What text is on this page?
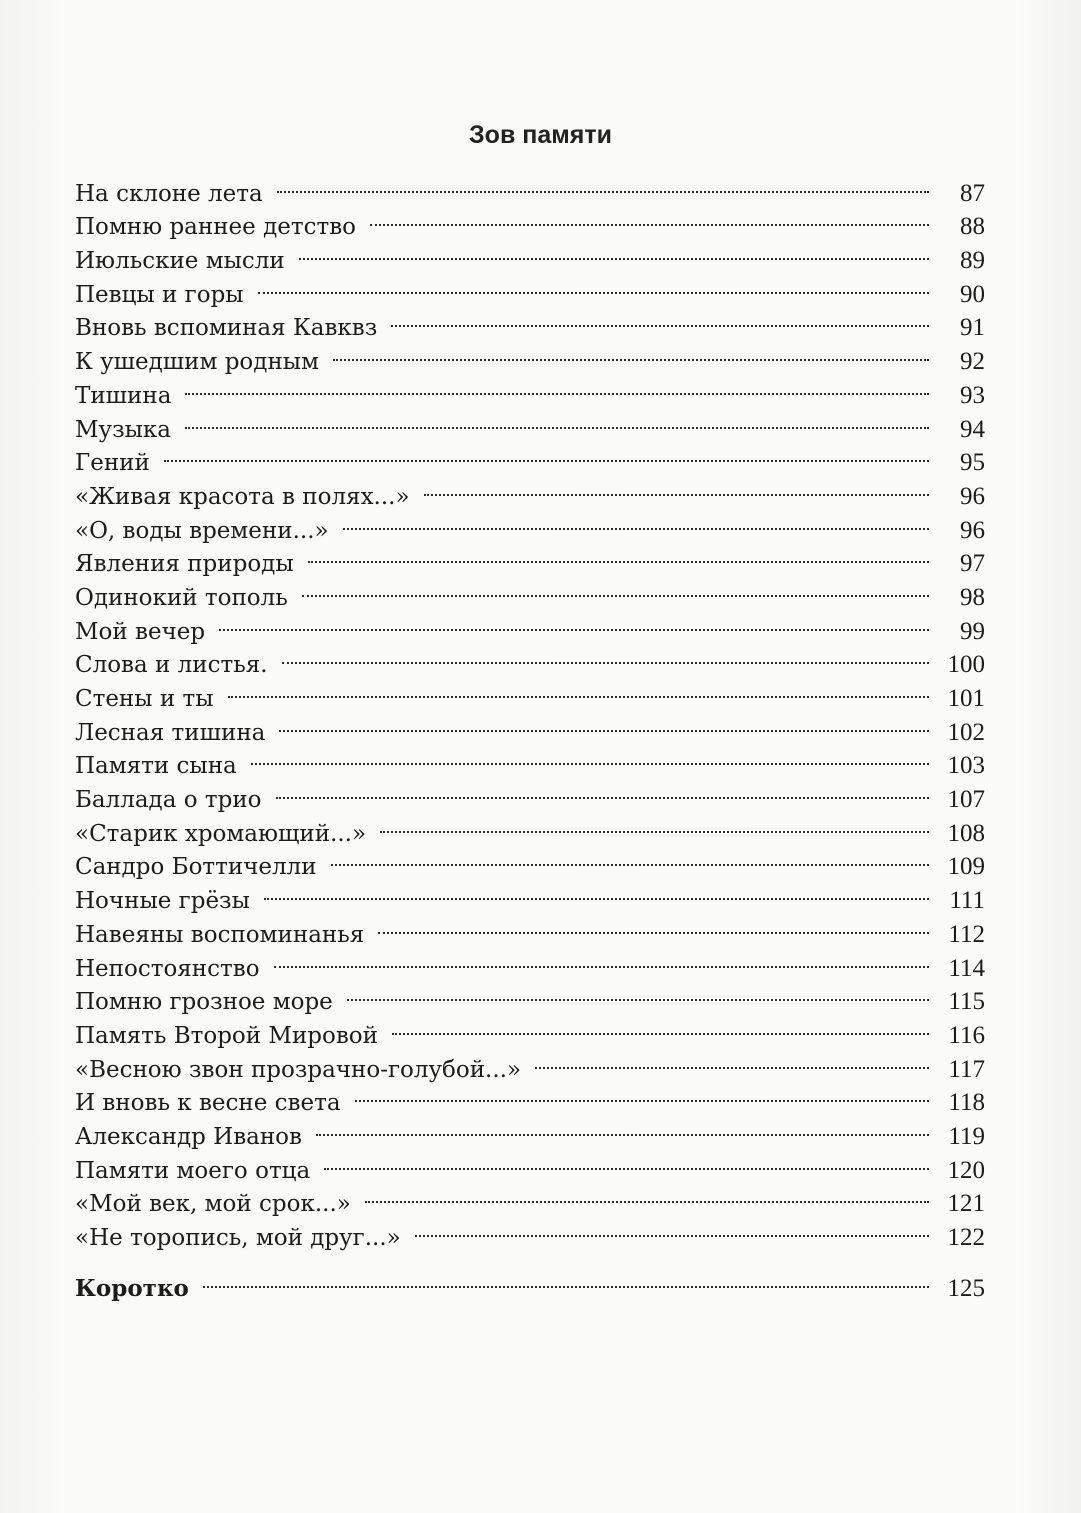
Зов памяти
На склоне лета	87
Помню раннее детство	88
Июльские мысли	89
Певцы и горы	90
Вновь вспоминая Кавквз	91
К ушедшим родным	92
Тишина	93
Музыка	94
Гений	95
«Живая красота в полях...»	96
«О, воды времени...»	96
Явления природы	97
Одинокий тополь	98
Мой вечер	99
Слова и листья.	100
Стены и ты	101
Лесная тишина	102
Памяти сына	103
Баллада о трио	107
«Старик хромающий...»	108
Сандро Боттичелли	109
Ночные грёзы	111
Навеяны воспоминанья	112
Непостоянство	114
Помню грозное море	115
Память Второй Мировой	116
«Весною звон прозрачно-голубой...»	117
И вновь к весне света	118
Александр Иванов	119
Памяти моего отца	120
«Мой век, мой срок...»	121
«Не торопись, мой друг...»	122
Коротко	125
